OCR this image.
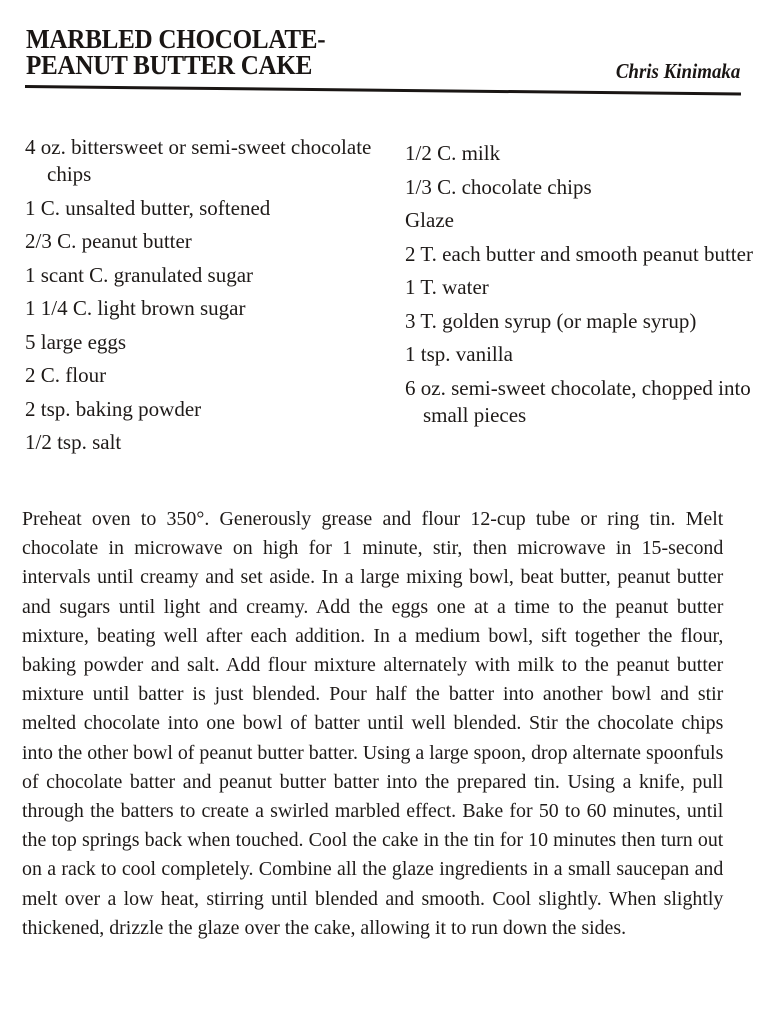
MARBLED CHOCOLATE-
PEANUT BUTTER CAKE	Chris Kinimaka
4 oz. bittersweet or semi-sweet chocolate chips
1 C. unsalted butter, softened
2/3 C. peanut butter
1 scant C. granulated sugar
1 1/4 C. light brown sugar
5 large eggs
2 C. flour
2 tsp. baking powder
1/2 tsp. salt
1/2 C. milk
1/3 C. chocolate chips
Glaze
2 T. each butter and smooth peanut butter
1 T. water
3 T. golden syrup (or maple syrup)
1 tsp. vanilla
6 oz. semi-sweet chocolate, chopped into small pieces
Preheat oven to 350°. Generously grease and flour 12-cup tube or ring tin. Melt chocolate in microwave on high for 1 minute, stir, then microwave in 15-second intervals until creamy and set aside. In a large mixing bowl, beat butter, peanut butter and sugars until light and creamy. Add the eggs one at a time to the peanut butter mixture, beating well after each addition. In a medium bowl, sift together the flour, baking powder and salt. Add flour mixture alternately with milk to the peanut butter mixture until batter is just blended. Pour half the batter into another bowl and stir melted chocolate into one bowl of batter until well blended. Stir the chocolate chips into the other bowl of peanut butter batter. Using a large spoon, drop alternate spoonfuls of chocolate batter and peanut butter batter into the prepared tin. Using a knife, pull through the batters to create a swirled marbled effect. Bake for 50 to 60 minutes, until the top springs back when touched. Cool the cake in the tin for 10 minutes then turn out on a rack to cool completely. Combine all the glaze ingredients in a small saucepan and melt over a low heat, stirring until blended and smooth. Cool slightly. When slightly thickened, drizzle the glaze over the cake, allowing it to run down the sides.
